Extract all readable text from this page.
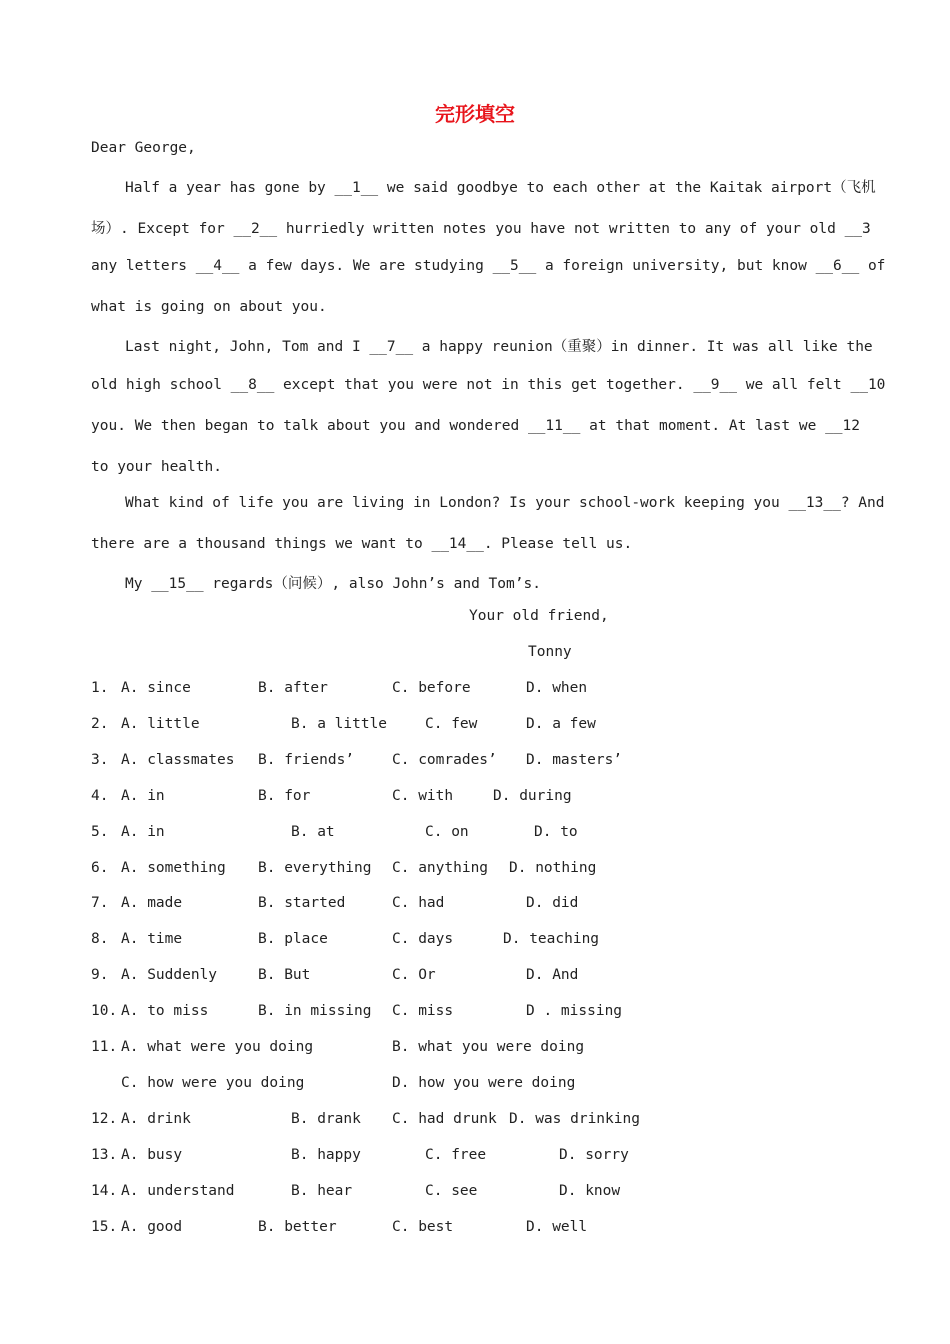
完形填空
Dear George,
Half a year has gone by __1__ we said goodbye to each other at the Kaitak airport（飞机
场）. Except for __2__ hurriedly written notes you have not written to any of your old __3
any letters __4__ a few days. We are studying __5__ a foreign university, but know __6__ of
what is going on about you.
Last night, John, Tom and I __7__ a happy reunion（重聚）in dinner. It was all like the
old high school __8__ except that you were not in this get together. __9__ we all felt __10
you. We then began to talk about you and wondered __11__ at that moment. At last we __12
to your health.
What kind of life you are living in London? Is your school-work keeping you __13__? And
there are a thousand things we want to __14__. Please tell us.
My __15__ regards（问候）, also John’s and Tom’s.
Your old friend,
Tonny
1. A. since	B. after	C. before	D. when
2. A. little	B. a little	C. few	D. a few
3. A. classmates B. friends’	C. comrades’ D. masters’
4. A. in	B. for	C. with	D. during
5. A. in	B. at	C. on	D. to
6. A. something B. everything C. anything D. nothing
7. A. made	B. started	C. had	D. did
8. A. time	B. place	C. days	D. teaching
9. A. Suddenly	B. But	C. Or	D. And
10. A. to miss	B. in missing C. miss	D . missing
11. A. what were you doing	B. what you were doing
C. how were you doing	D. how you were doing
12. A. drink	B. drank C. had drunk D. was drinking
13. A. busy	B. happy	C. free	D. sorry
14. A. understand	B. hear	C. see	D. know
15. A. good	B. better	C. best	D. well
